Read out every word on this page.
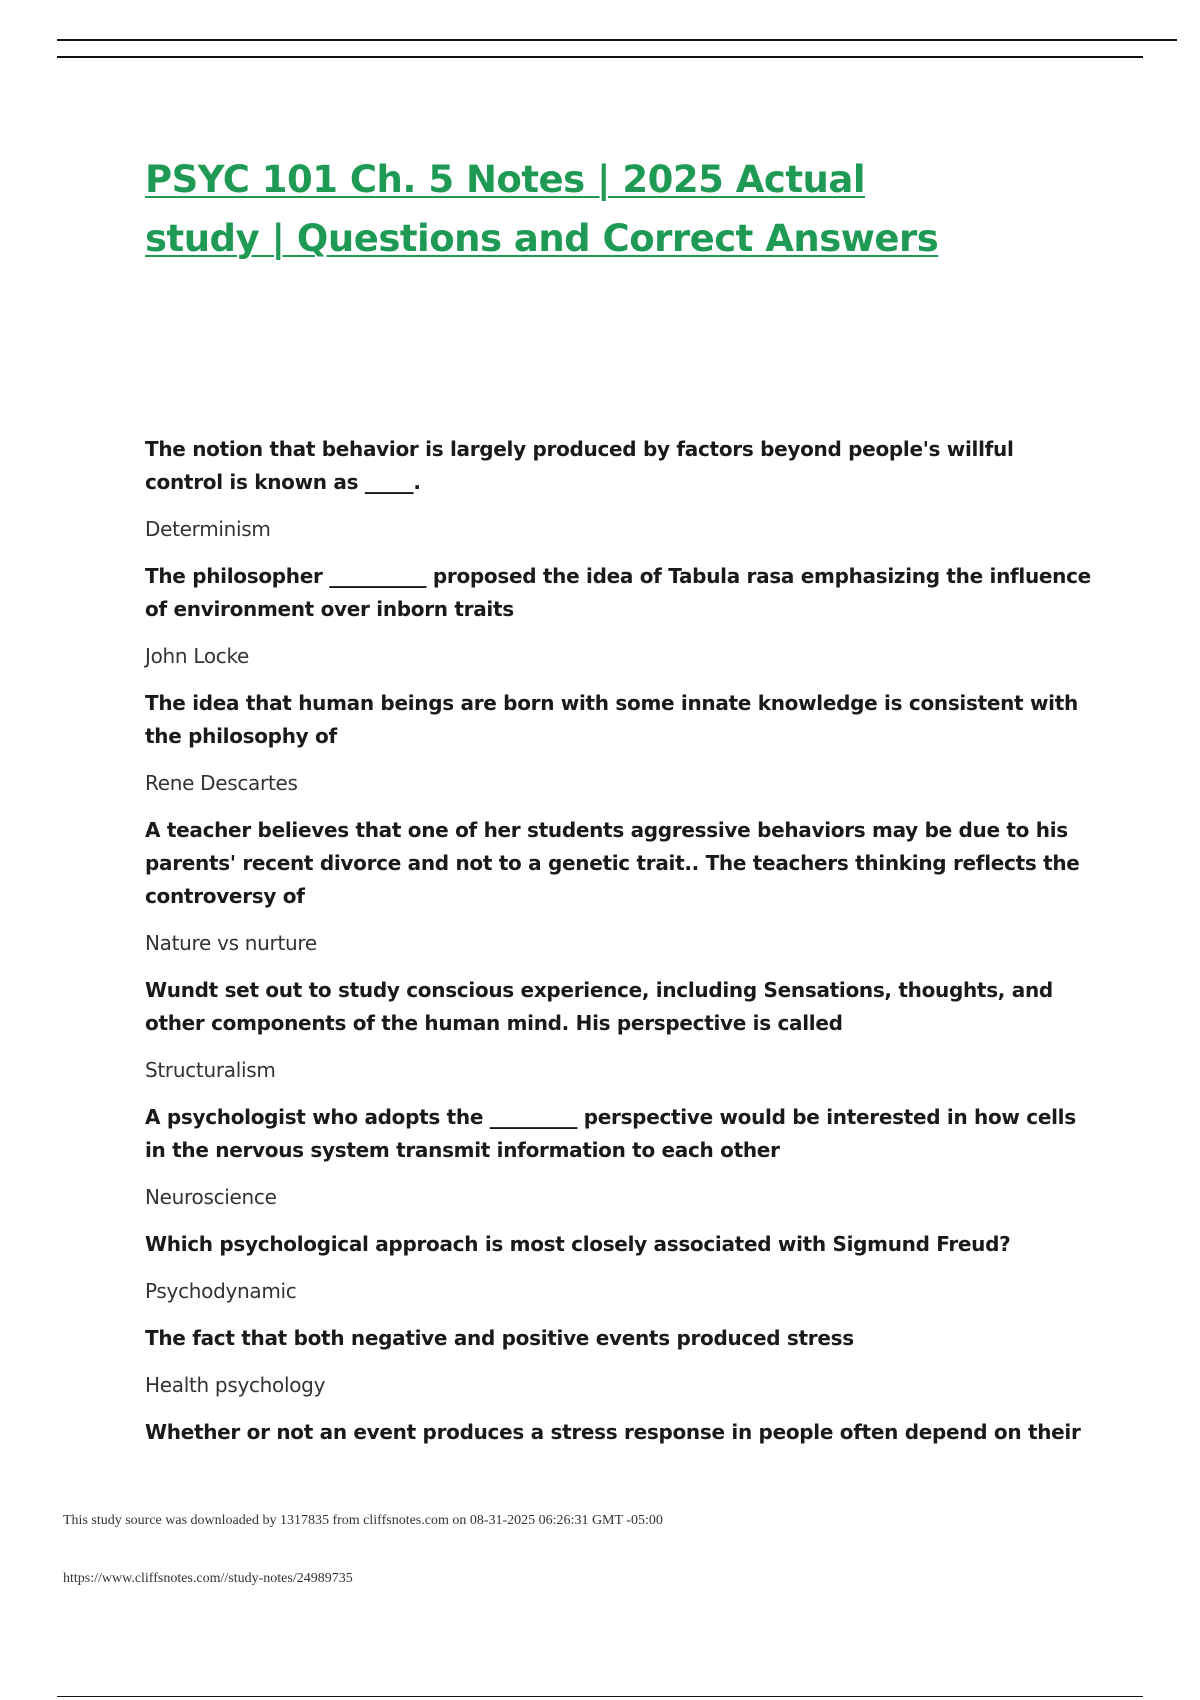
PSYC 101 Ch. 5 Notes | 2025 Actual study | Questions and Correct Answers

The notion that behavior is largely produced by factors beyond people's willful control is known as _____.

Determinism

The philosopher __________ proposed the idea of Tabula rasa emphasizing the influence of environment over inborn traits

John Locke

The idea that human beings are born with some innate knowledge is consistent with the philosophy of

Rene Descartes

A teacher believes that one of her students aggressive behaviors may be due to his parents' recent divorce and not to a genetic trait.. The teachers thinking reflects the controversy of

Nature vs nurture

Wundt set out to study conscious experience, including Sensations, thoughts, and other components of the human mind. His perspective is called

Structuralism

A psychologist who adopts the _________ perspective would be interested in how cells in the nervous system transmit information to each other

Neuroscience

Which psychological approach is most closely associated with Sigmund Freud?

Psychodynamic

The fact that both negative and positive events produced stress

Health psychology

Whether or not an event produces a stress response in people often depend on their

This study source was downloaded by 1317835 from cliffsnotes.com on 08-31-2025 06:26:31 GMT -05:00

https://www.cliffsnotes.com//study-notes/24989735
